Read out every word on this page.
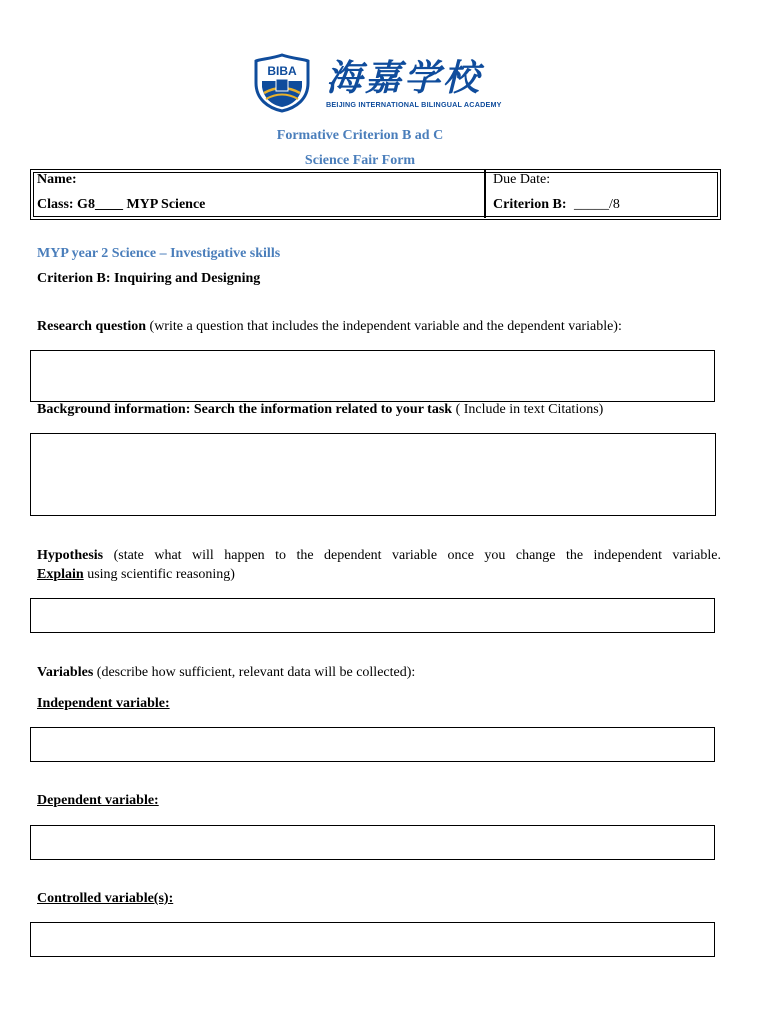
BIBA 海嘉学校
BEIJING INTERNATIONAL BILINGUAL ACADEMY
Formative Criterion B ad C
Science Fair Form
Name:
Class: G8____ MYP Science
Due Date:
Criterion B: _____/8
MYP year 2 Science – Investigative skills
Criterion B: Inquiring and Designing
Research question (write a question that includes the independent variable and the dependent variable):
Background information: Search the information related to your task ( Include in text Citations)
Hypothesis (state what will happen to the dependent variable once you change the independent variable.
Explain using scientific reasoning)
Variables (describe how sufficient, relevant data will be collected):
Independent variable:
Dependent variable:
Controlled variable(s):
